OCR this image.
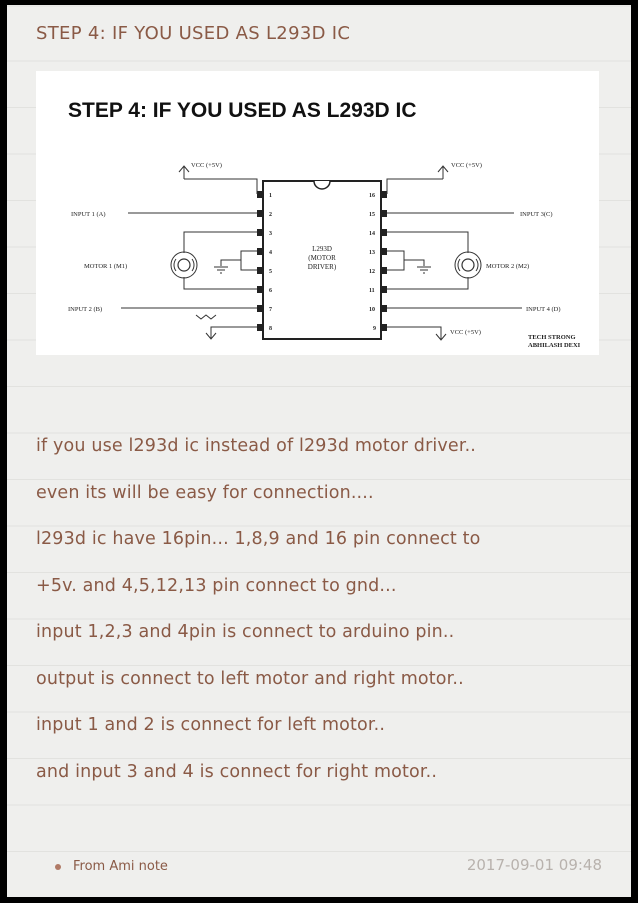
STEP 4: IF YOU USED AS L293D IC
STEP 4: IF YOU USED AS L293D IC
L293D
(MOTOR
DRIVER)
1
2
3
4
5
6
7
8
16
15
14
13
12
11
10
9
VCC (+5V)	VCC (+5V)
VCC (+5V)
INPUT 1 (A)
INPUT 2 (B)
INPUT 3(C)
INPUT 4 (D)
MOTOR 1 (M1)	MOTOR 2 (M2)
TECH STRONG
ABHILASH DEXI
if you use l293d ic instead of l293d motor driver..
even its will be easy for connection....
l293d ic have 16pin... 1,8,9 and 16 pin connect to
+5v. and 4,5,12,13 pin connect to gnd...
input 1,2,3 and 4pin is connect to arduino pin..
output is connect to left motor and right motor..
input 1 and 2 is connect for left motor..
and input 3 and 4 is connect for right motor..
From Ami note	2017-09-01 09:48
